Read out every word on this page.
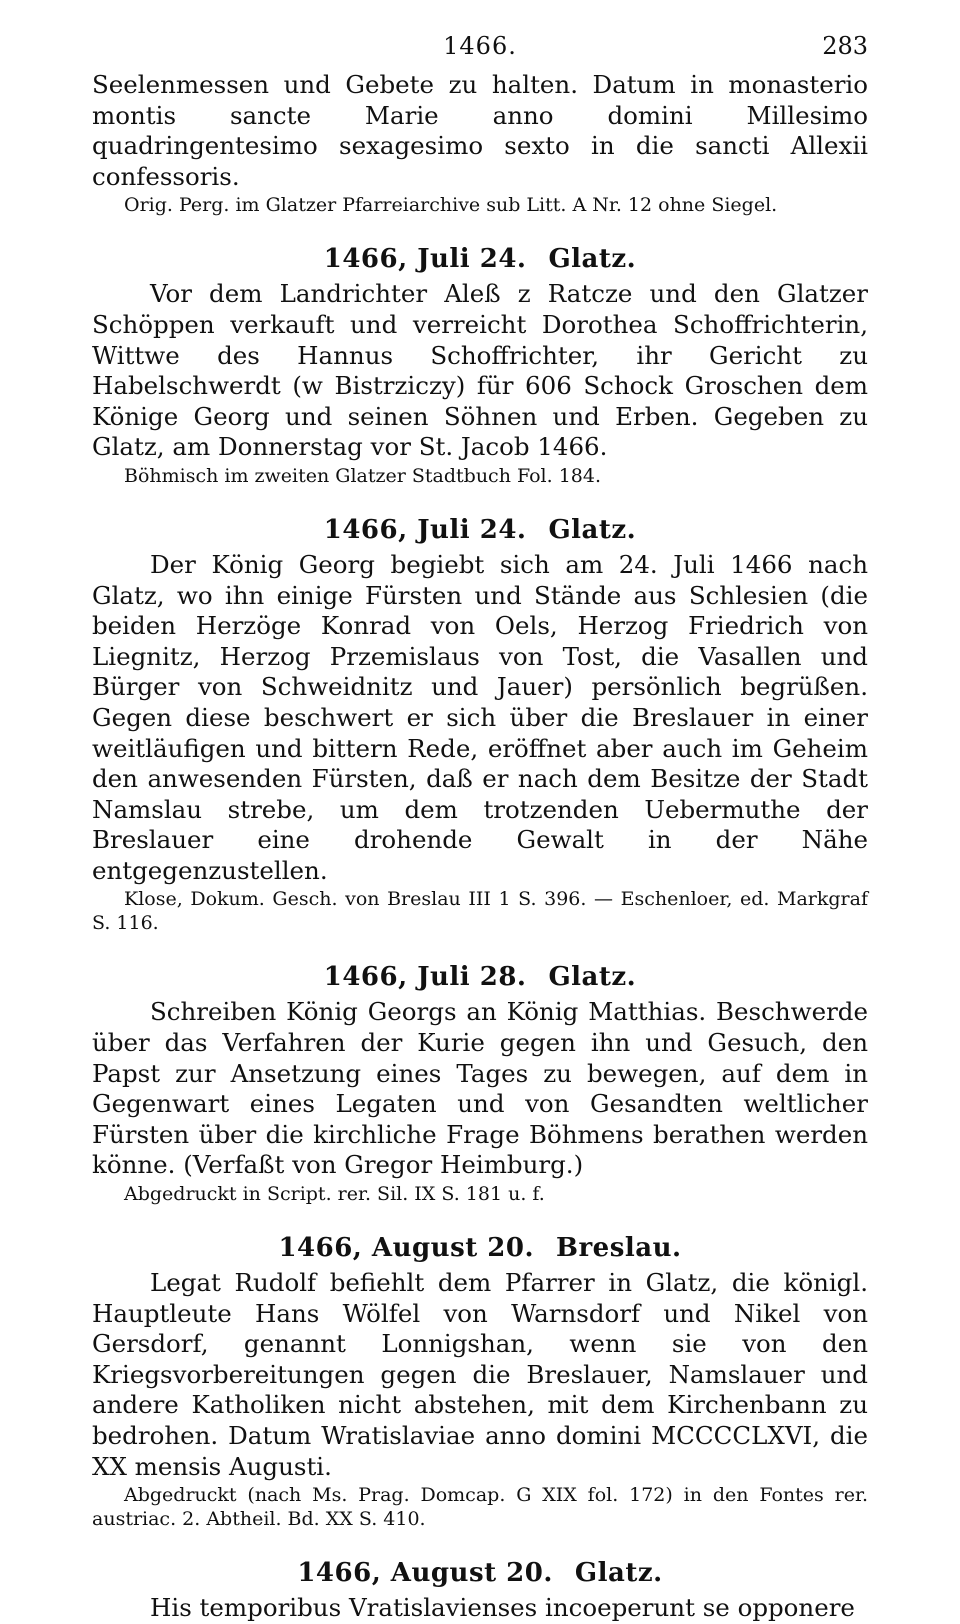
1466.	283

Seelenmessen und Gebete zu halten. Datum in monasterio montis sancte Marie anno domini Millesimo quadringentesimo sexagesimo sexto in die sancti Allexii confessoris.

Orig. Perg. im Glatzer Pfarreiarchive sub Litt. A Nr. 12 ohne Siegel.

1466, Juli 24. Glatz.

Vor dem Landrichter Aleß z Ratcze und den Glatzer Schöppen verkauft und verreicht Dorothea Schoffrichterin, Wittwe des Hannus Schoffrichter, ihr Gericht zu Habelschwerdt (w Bistrziczy) für 606 Schock Groschen dem Könige Georg und seinen Söhnen und Erben. Gegeben zu Glatz, am Donnerstag vor St. Jacob 1466.

Böhmisch im zweiten Glatzer Stadtbuch Fol. 184.

1466, Juli 24. Glatz.

Der König Georg begiebt sich am 24. Juli 1466 nach Glatz, wo ihn einige Fürsten und Stände aus Schlesien (die beiden Herzöge Konrad von Oels, Herzog Friedrich von Liegnitz, Herzog Przemislaus von Tost, die Vasallen und Bürger von Schweidnitz und Jauer) persönlich begrüßen. Gegen diese beschwert er sich über die Breslauer in einer weitläufigen und bittern Rede, eröffnet aber auch im Geheim den anwesenden Fürsten, daß er nach dem Besitze der Stadt Namslau strebe, um dem trotzenden Uebermuthe der Breslauer eine drohende Gewalt in der Nähe entgegenzustellen.

Klose, Dokum. Gesch. von Breslau III 1 S. 396. — Eschenloer, ed. Markgraf S. 116.

1466, Juli 28. Glatz.

Schreiben König Georgs an König Matthias. Beschwerde über das Verfahren der Kurie gegen ihn und Gesuch, den Papst zur Ansetzung eines Tages zu bewegen, auf dem in Gegenwart eines Legaten und von Gesandten weltlicher Fürsten über die kirchliche Frage Böhmens berathen werden könne. (Verfaßt von Gregor Heimburg.)

Abgedruckt in Script. rer. Sil. IX S. 181 u. f.

1466, August 20. Breslau.

Legat Rudolf befiehlt dem Pfarrer in Glatz, die königl. Hauptleute Hans Wölfel von Warnsdorf und Nikel von Gersdorf, genannt Lonnigshan, wenn sie von den Kriegsvorbereitungen gegen die Breslauer, Namslauer und andere Katholiken nicht abstehen, mit dem Kirchenbann zu bedrohen. Datum Wratislaviae anno domini MCCCCLXVI, die XX mensis Augusti.

Abgedruckt (nach Ms. Prag. Domcap. G XIX fol. 172) in den Fontes rer. austriac. 2. Abtheil. Bd. XX S. 410.

1466, August 20. Glatz.

His temporibus Vratislavienses incoeperunt se opponere
